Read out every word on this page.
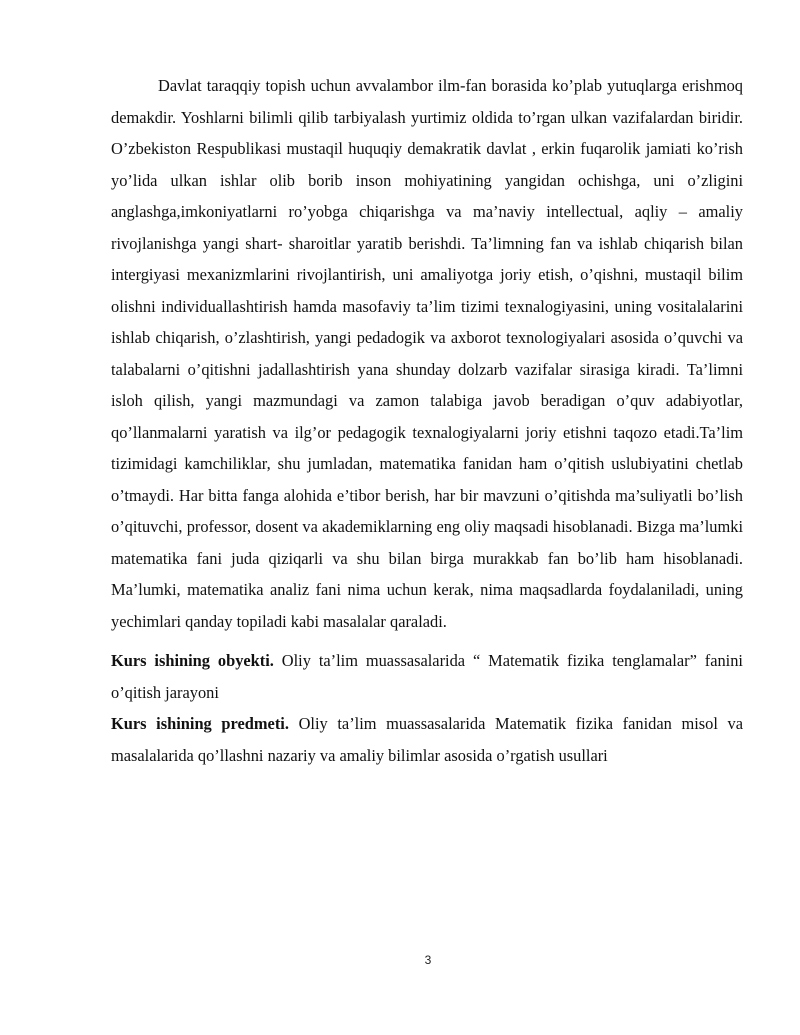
Davlat taraqqiy topish uchun avvalambor ilm-fan borasida ko’plab yutuqlarga erishmoq demakdir. Yoshlarni bilimli qilib tarbiyalash yurtimiz oldida to’rgan ulkan vazifalardan biridir. O’zbekiston Respublikasi mustaqil huquqiy demakratik davlat , erkin fuqarolik jamiati ko’rish yo’lida ulkan ishlar olib borib inson mohiyatining yangidan ochishga, uni o’zligini anglashga,imkoniyatlarni ro’yobga chiqarishga va ma’naviy intellectual, aqliy – amaliy rivojlanishga yangi shart- sharoitlar yaratib berishdi. Ta’limning fan va ishlab chiqarish bilan intergiyasi mexanizmlarini rivojlantirish, uni amaliyotga joriy etish, o’qishni, mustaqil bilim olishni individuallashtirish hamda masofaviy ta’lim tizimi texnalogiyasini, uning vositalalarini ishlab chiqarish, o’zlashtirish, yangi pedadogik va axborot texnologiyalari asosida o’quvchi va talabalarni o’qitishni jadallashtirish yana shunday dolzarb vazifalar sirasiga kiradi. Ta’limni isloh qilish, yangi mazmundagi va zamon talabiga javob beradigan o’quv adabiyotlar, qo’llanmalarni yaratish va ilg’or pedagogik texnalogiyalarni joriy etishni taqozo etadi.Ta’lim tizimidagi kamchiliklar, shu jumladan, matematika fanidan ham o’qitish uslubiyatini chetlab o’tmaydi. Har bitta fanga alohida e’tibor berish, har bir mavzuni o’qitishda ma’suliyatli bo’lish o’qituvchi, professor, dosent va akademiklarning eng oliy maqsadi hisoblanadi. Bizga ma’lumki matematika fani juda qiziqarli va shu bilan birga murakkab fan bo’lib ham hisoblanadi. Ma’lumki, matematika analiz fani nima uchun kerak, nima maqsadlarda foydalaniladi, uning yechimlari qanday topiladi kabi masalalar qaraladi.

Kurs ishining obyekti. Oliy ta’lim muassasalarida “ Matematik fizika tenglamalar” fanini o’qitish jarayoni

Kurs ishining predmeti. Oliy ta’lim muassasalarida Matematik fizika fanidan misol va masalalarida qo’llashni nazariy va amaliy bilimlar asosida o’rgatish usullari

3
